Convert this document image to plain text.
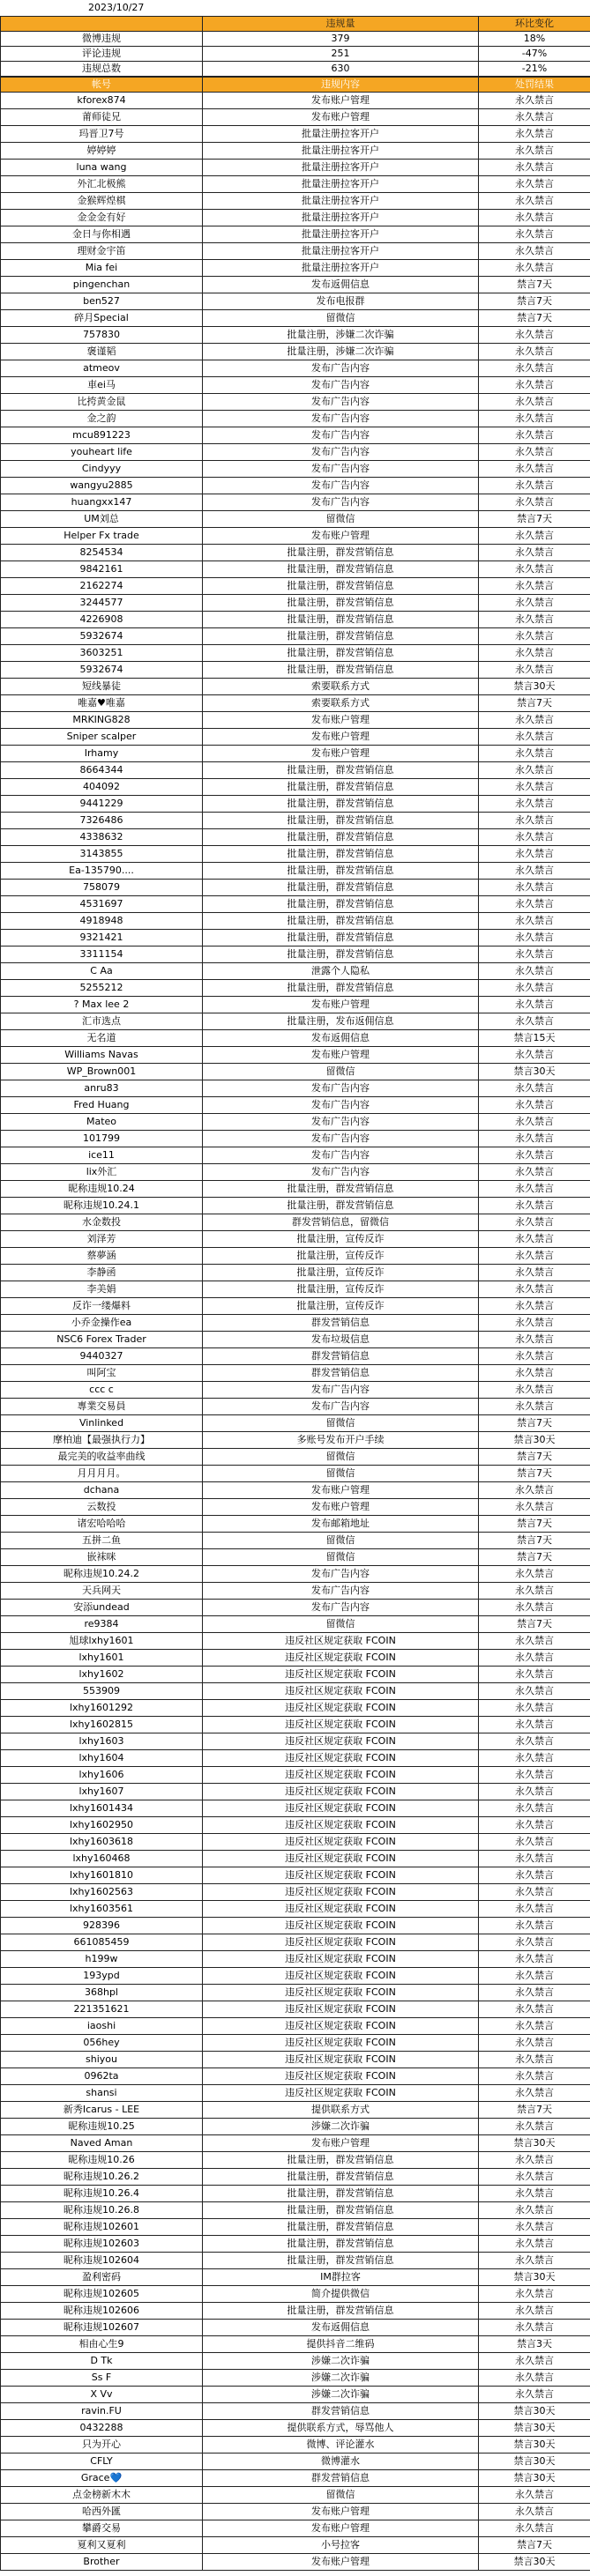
2023/10/27
	违规量	环比变化
微博违规	379	18%
评论违规	251	-47%
违规总数	630	-21%
帐号	违规内容	处罚结果
kforex874	发布账户管理	永久禁言
莆师徒兄	发布账户管理	永久禁言
玛晋卫7号	批量注册拉客开户	永久禁言
婷婷婷	批量注册拉客开户	永久禁言
luna wang	批量注册拉客开户	永久禁言
外汇北极熊	批量注册拉客开户	永久禁言
金猴辉煌棋	批量注册拉客开户	永久禁言
金金金有好	批量注册拉客开户	永久禁言
金日与你相遇	批量注册拉客开户	永久禁言
理财金宇笛	批量注册拉客开户	永久禁言
Mia fei	批量注册拉客开户	永久禁言
pingenchan	发布返佣信息	禁言7天
ben527	发布电报群	禁言7天
碎月Special	留微信	禁言7天
757830	批量注册，涉嫌二次诈骗	永久禁言
褒谨韬	批量注册，涉嫌二次诈骗	永久禁言
atmeov	发布广告内容	永久禁言
車ei马	发布广告内容	永久禁言
比挎黄金鼠	发布广告内容	永久禁言
金之韵	发布广告内容	永久禁言
mcu891223	发布广告内容	永久禁言
youheart life	发布广告内容	永久禁言
Cindyyy	发布广告内容	永久禁言
wangyu2885	发布广告内容	永久禁言
huangxx147	发布广告内容	永久禁言
UM刘总	留微信	禁言7天
Helper Fx trade	发布账户管理	永久禁言
8254534	批量注册，群发营销信息	永久禁言
9842161	批量注册，群发营销信息	永久禁言
2162274	批量注册，群发营销信息	永久禁言
3244577	批量注册，群发营销信息	永久禁言
4226908	批量注册，群发营销信息	永久禁言
5932674	批量注册，群发营销信息	永久禁言
3603251	批量注册，群发营销信息	永久禁言
5932674	批量注册，群发营销信息	永久禁言
短线暴徒	索要联系方式	禁言30天
唯嘉♥唯嘉	索要联系方式	禁言7天
MRKING828	发布账户管理	永久禁言
Sniper scalper	发布账户管理	永久禁言
Irhamy	发布账户管理	永久禁言
8664344	批量注册，群发营销信息	永久禁言
404092	批量注册，群发营销信息	永久禁言
9441229	批量注册，群发营销信息	永久禁言
7326486	批量注册，群发营销信息	永久禁言
4338632	批量注册，群发营销信息	永久禁言
3143855	批量注册，群发营销信息	永久禁言
Ea-135790....	批量注册，群发营销信息	永久禁言
758079	批量注册，群发营销信息	永久禁言
4531697	批量注册，群发营销信息	永久禁言
4918948	批量注册，群发营销信息	永久禁言
9321421	批量注册，群发营销信息	永久禁言
3311154	批量注册，群发营销信息	永久禁言
C Aa	泄露个人隐私	永久禁言
5255212	批量注册，群发营销信息	永久禁言
? Max lee 2	发布账户管理	永久禁言
汇市选点	批量注册，发布返佣信息	永久禁言
无名道	发布返佣信息	禁言15天
Williams Navas	发布账户管理	永久禁言
WP_Brown001	留微信	禁言30天
anru83	发布广告内容	永久禁言
Fred Huang	发布广告内容	永久禁言
Mateo	发布广告内容	永久禁言
101799	发布广告内容	永久禁言
ice11	发布广告内容	永久禁言
lix外汇	发布广告内容	永久禁言
昵称违规10.24	批量注册，群发营销信息	永久禁言
昵称违规10.24.1	批量注册，群发营销信息	永久禁言
水金数投	群发营销信息，留微信	永久禁言
刘泽芳	批量注册，宣传反诈	永久禁言
蔡夢涵	批量注册，宣传反诈	永久禁言
李静函	批量注册，宣传反诈	永久禁言
李美娟	批量注册，宣传反诈	永久禁言
反诈一缕爆料	批量注册，宣传反诈	永久禁言
小乔金操作ea	群发营销信息	永久禁言
NSC6 Forex Trader	发布垃圾信息	永久禁言
9440327	群发营销信息	永久禁言
叫阿宝	群发营销信息	永久禁言
ccc c	发布广告内容	永久禁言
專業交易員	发布广告内容	永久禁言
Vinlinked	留微信	禁言7天
摩柏迪【最强执行力】	多账号发布开户手续	禁言30天
最完美的收益率曲线	留微信	禁言7天
月月月月。	留微信	禁言7天
dchana	发布账户管理	永久禁言
云数投	发布账户管理	永久禁言
诸宏哈哈哈	发布邮箱地址	禁言7天
五拼二鱼	留微信	禁言7天
嵌袜咪	留微信	禁言7天
昵称违规10.24.2	发布广告内容	永久禁言
天兵网天	发布广告内容	永久禁言
安添undead	发布广告内容	永久禁言
re9384	留微信	禁言7天
旭球lxhy1601	违反社区规定获取 FCOIN	永久禁言
lxhy1601	违反社区规定获取 FCOIN	永久禁言
lxhy1602	违反社区规定获取 FCOIN	永久禁言
553909	违反社区规定获取 FCOIN	永久禁言
lxhy1601292	违反社区规定获取 FCOIN	永久禁言
lxhy1602815	违反社区规定获取 FCOIN	永久禁言
lxhy1603	违反社区规定获取 FCOIN	永久禁言
lxhy1604	违反社区规定获取 FCOIN	永久禁言
lxhy1606	违反社区规定获取 FCOIN	永久禁言
lxhy1607	违反社区规定获取 FCOIN	永久禁言
lxhy1601434	违反社区规定获取 FCOIN	永久禁言
lxhy1602950	违反社区规定获取 FCOIN	永久禁言
lxhy1603618	违反社区规定获取 FCOIN	永久禁言
lxhy160468	违反社区规定获取 FCOIN	永久禁言
lxhy1601810	违反社区规定获取 FCOIN	永久禁言
lxhy1602563	违反社区规定获取 FCOIN	永久禁言
lxhy1603561	违反社区规定获取 FCOIN	永久禁言
928396	违反社区规定获取 FCOIN	永久禁言
661085459	违反社区规定获取 FCOIN	永久禁言
h199w	违反社区规定获取 FCOIN	永久禁言
193ypd	违反社区规定获取 FCOIN	永久禁言
368hpl	违反社区规定获取 FCOIN	永久禁言
221351621	违反社区规定获取 FCOIN	永久禁言
iaoshi	违反社区规定获取 FCOIN	永久禁言
056hey	违反社区规定获取 FCOIN	永久禁言
shiyou	违反社区规定获取 FCOIN	永久禁言
0962ta	违反社区规定获取 FCOIN	永久禁言
shansi	违反社区规定获取 FCOIN	永久禁言
新秀Icarus - LEE	提供联系方式	禁言7天
昵称违规10.25	涉嫌二次诈骗	永久禁言
Naved Aman	发布账户管理	禁言30天
昵称违规10.26	批量注册，群发营销信息	永久禁言
昵称违规10.26.2	批量注册，群发营销信息	永久禁言
昵称违规10.26.4	批量注册，群发营销信息	永久禁言
昵称违规10.26.8	批量注册，群发营销信息	永久禁言
昵称违规102601	批量注册，群发营销信息	永久禁言
昵称违规102603	批量注册，群发营销信息	永久禁言
昵称违规102604	批量注册，群发营销信息	永久禁言
盈利密码	IM群拉客	禁言30天
昵称违规102605	简介提供微信	永久禁言
昵称违规102606	批量注册，群发营销信息	永久禁言
昵称违规102607	发布返佣信息	永久禁言
相由心生9	提供抖音二维码	禁言3天
D Tk	涉嫌二次诈骗	永久禁言
Ss F	涉嫌二次诈骗	永久禁言
X Vv	涉嫌二次诈骗	永久禁言
ravin.FU	群发营销信息	禁言30天
0432288	提供联系方式，辱骂他人	禁言30天
只为开心	微博、评论灌水	禁言30天
CFLY	微博灌水	禁言30天
Grace💙	群发营销信息	禁言30天
点金榜新木木	留微信	永久禁言
哈西外匯	发布账户管理	永久禁言
攀爵交易	发布账户管理	永久禁言
夏利又夏利	小号拉客	禁言7天
Brother	发布账户管理	禁言30天
